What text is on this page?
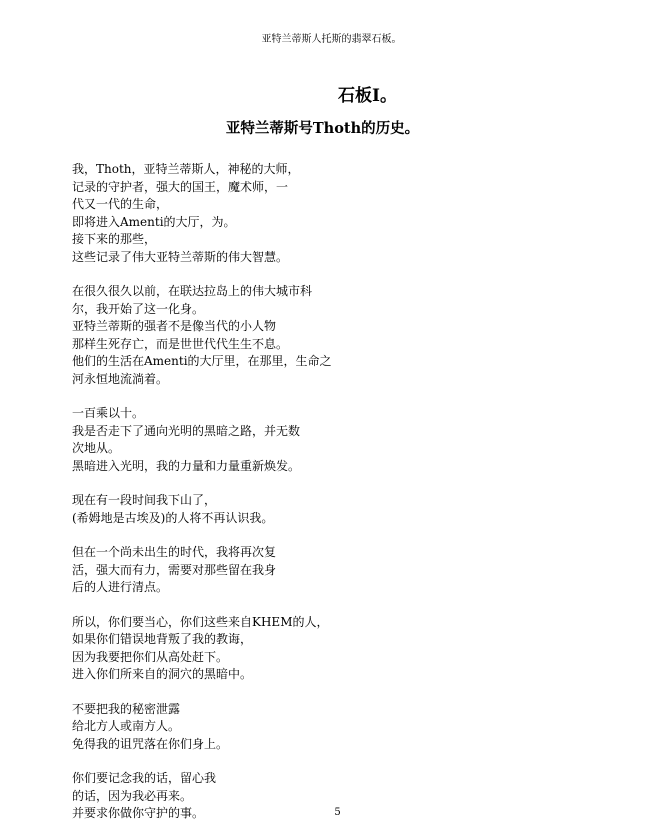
亚特兰蒂斯人托斯的翡翠石板。
石板I。
亚特兰蒂斯号Thoth的历史。
我，Thoth，亚特兰蒂斯人，神秘的大师，
记录的守护者，强大的国王，魔术师，一
代又一代的生命，
即将进入Amenti的大厅，为。
接下来的那些，
这些记录了伟大亚特兰蒂斯的伟大智慧。
在很久很久以前，在联达拉岛上的伟大城市科
尔，我开始了这一化身。
亚特兰蒂斯的强者不是像当代的小人物
那样生死存亡，而是世世代代生生不息。
他们的生活在Amenti的大厅里，在那里，生命之
河永恒地流淌着。
一百乘以十。
我是否走下了通向光明的黑暗之路，并无数
次地从。
黑暗进入光明，我的力量和力量重新焕发。
现在有一段时间我下山了，
(希姆地是古埃及)的人将不再认识我。
但在一个尚未出生的时代，我将再次复
活，强大而有力，需要对那些留在我身
后的人进行清点。
所以，你们要当心，你们这些来自KHEM的人，
如果你们错误地背叛了我的教诲，
因为我要把你们从高处赶下。
进入你们所来自的洞穴的黑暗中。
不要把我的秘密泄露
给北方人或南方人。
免得我的诅咒落在你们身上。
你们要记念我的话，留心我
的话，因为我必再来。
并要求你做你守护的事。	5
